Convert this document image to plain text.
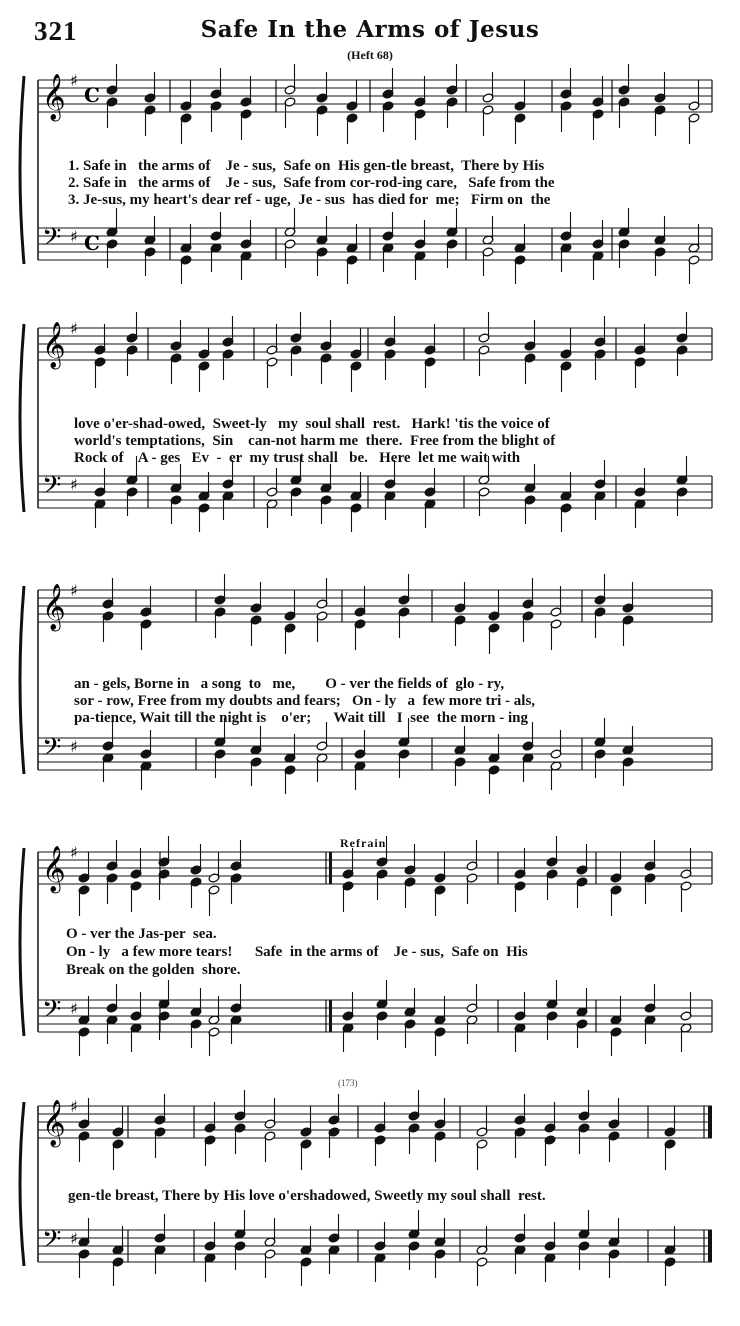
321	Safe In the Arms of Jesus
(Heft 68)
Refrain
(173)
𝄞 ♯
C
𝄢 ♯ C
1. Safe in   the arms of    Je - sus,  Safe on  His gen-tle breast,  There by His
2. Safe in   the arms of    Je - sus,  Safe from cor-rod-ing care,   Safe from the
3. Je-sus, my heart's dear ref - uge,  Je - sus  has died for  me;   Firm on  the
𝄞 ♯
𝄢 ♯
love o'er-shad-owed,  Sweet-ly   my  soul shall  rest.   Hark! 'tis the voice of
world's temptations,  Sin    can-not harm me  there.  Free from the blight of
Rock of    A - ges   Ev  -  er  my trust shall   be.   Here  let me wait with
𝄞 ♯
𝄢 ♯
an - gels, Borne in   a song  to   me,        O - ver the fields of  glo - ry,
sor - row, Free from my doubts and fears;   On - ly   a  few more tri - als,
pa-tience, Wait till the night is    o'er;      Wait till   I  see  the morn - ing
𝄞 ♯
𝄢 ♯
O - ver the Jas-per  sea.
On - ly   a few more tears!      Safe  in the arms of    Je - sus,  Safe on  His
Break on the golden  shore.
𝄞 ♯
𝄢 ♯
gen-tle breast, There by His love o'ershadowed, Sweetly my soul shall  rest.
